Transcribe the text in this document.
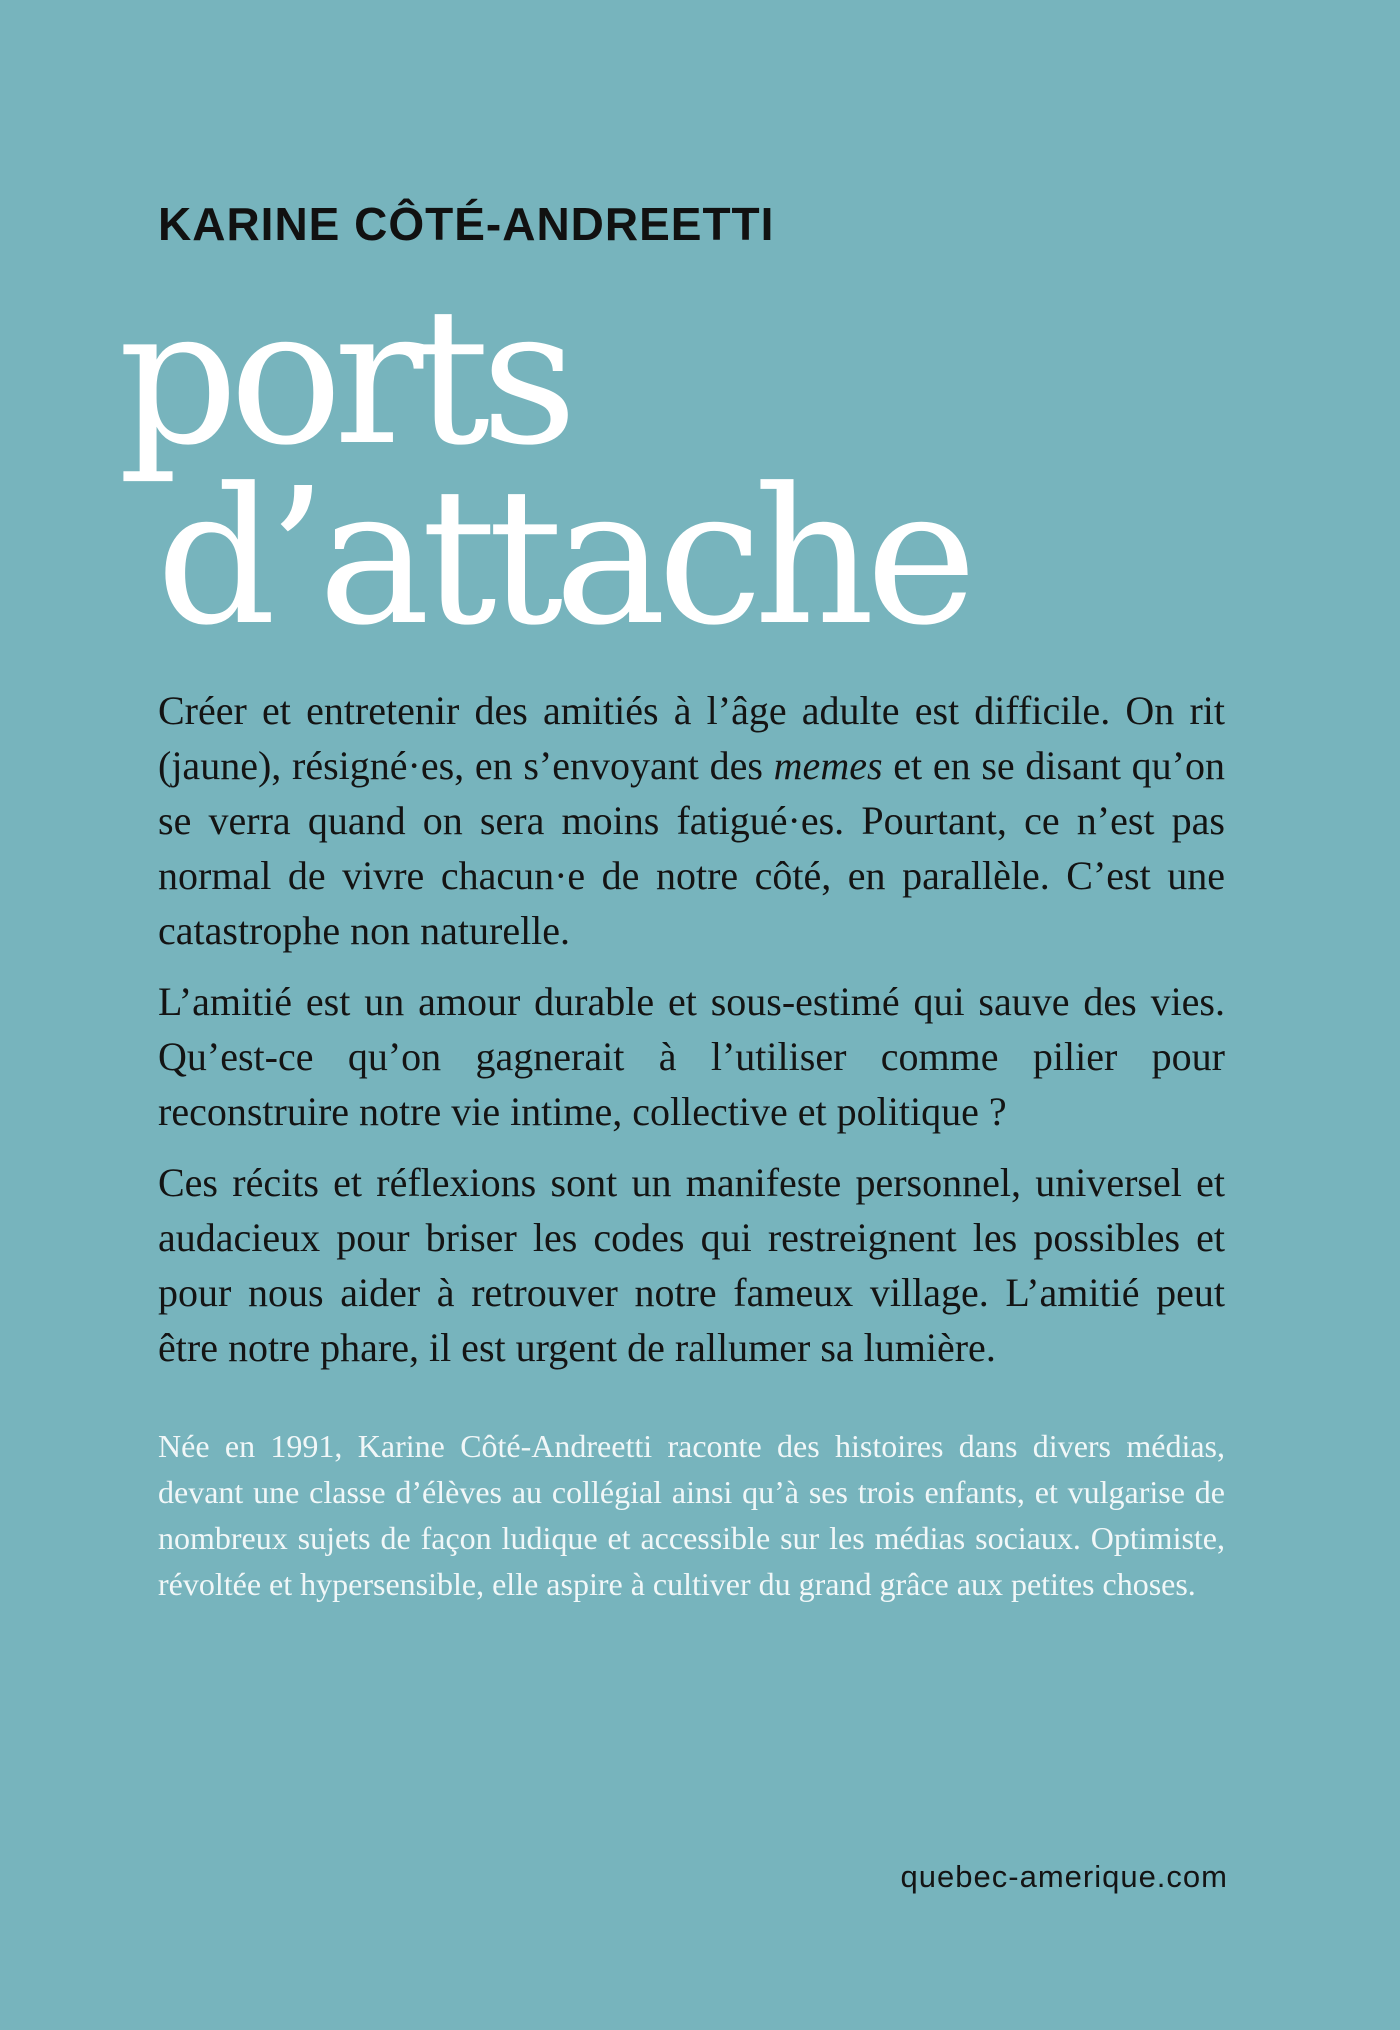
KARINE CÔTÉ-ANDREETTI
ports
d’attache

Créer et entretenir des amitiés à l’âge adulte est difficile. On rit (jaune), résigné·es, en s’envoyant des memes et en se disant qu’on se verra quand on sera moins fatigué·es. Pourtant, ce n’est pas normal de vivre chacun·e de notre côté, en parallèle. C’est une catastrophe non naturelle.

L’amitié est un amour durable et sous-estimé qui sauve des vies. Qu’est-ce qu’on gagnerait à l’utiliser comme pilier pour reconstruire notre vie intime, collective et politique ?

Ces récits et réflexions sont un manifeste personnel, universel et audacieux pour briser les codes qui restreignent les possibles et pour nous aider à retrouver notre fameux village. L’amitié peut être notre phare, il est urgent de rallumer sa lumière.

Née en 1991, Karine Côté-Andreetti raconte des histoires dans divers médias, devant une classe d’élèves au collégial ainsi qu’à ses trois enfants, et vulgarise de nombreux sujets de façon ludique et accessible sur les médias sociaux. Optimiste, révoltée et hypersensible, elle aspire à cultiver du grand grâce aux petites choses.

quebec-amerique.com
